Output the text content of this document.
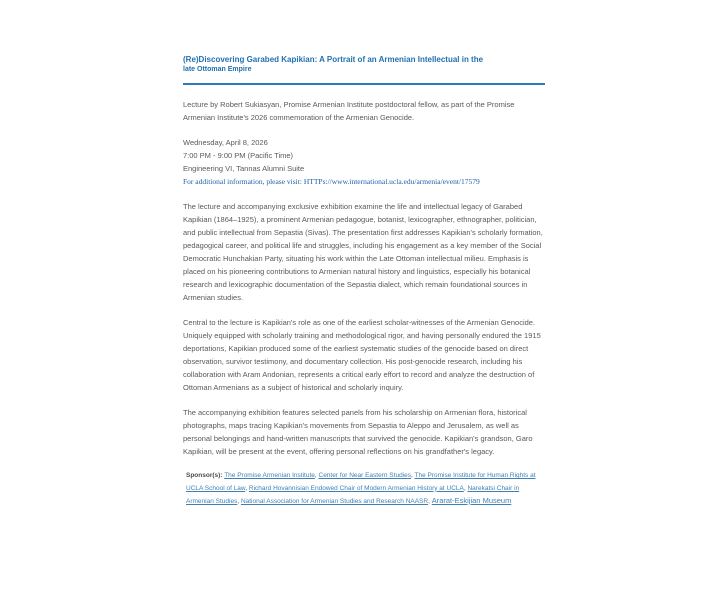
(Re)Discovering Garabed Kapikian: A Portrait of an Armenian Intellectual in the
late Ottoman Empire

Lecture by Robert Sukiasyan, Promise Armenian Institute postdoctoral fellow, as part of the Promise Armenian Institute's 2026 commemoration of the Armenian Genocide.

Wednesday, April 8, 2026
7:00 PM - 9:00 PM (Pacific Time)
Engineering VI, Tannas Alumni Suite
For additional information, please visit: HTTPs://www.international.ucla.edu/armenia/event/17579

The lecture and accompanying exclusive exhibition examine the life and intellectual legacy of Garabed Kapikian (1864–1925), a prominent Armenian pedagogue, botanist, lexicographer, ethnographer, politician, and public intellectual from Sepastia (Sivas). The presentation first addresses Kapikian's scholarly formation, pedagogical career, and political life and struggles, including his engagement as a key member of the Social Democratic Hunchakian Party, situating his work within the Late Ottoman intellectual milieu. Emphasis is placed on his pioneering contributions to Armenian natural history and linguistics, especially his botanical research and lexicographic documentation of the Sepastia dialect, which remain foundational sources in Armenian studies.

Central to the lecture is Kapikian's role as one of the earliest scholar-witnesses of the Armenian Genocide. Uniquely equipped with scholarly training and methodological rigor, and having personally endured the 1915 deportations, Kapikian produced some of the earliest systematic studies of the genocide based on direct observation, survivor testimony, and documentary collection. His post-genocide research, including his collaboration with Aram Andonian, represents a critical early effort to record and analyze the destruction of Ottoman Armenians as a subject of historical and scholarly inquiry.

The accompanying exhibition features selected panels from his scholarship on Armenian flora, historical photographs, maps tracing Kapikian's movements from Sepastia to Aleppo and Jerusalem, as well as personal belongings and hand-written manuscripts that survived the genocide. Kapikian's grandson, Garo Kapikian, will be present at the event, offering personal reflections on his grandfather's legacy.

Sponsor(s): The Promise Armenian Institute, Center for Near Eastern Studies, The Promise Institute for Human Rights at UCLA School of Law, Richard Hovannisian Endowed Chair of Modern Armenian History at UCLA, Narekatsi Chair in Armenian Studies, National Association for Armenian Studies and Research NAASR, Ararat-Eskijian Museum
